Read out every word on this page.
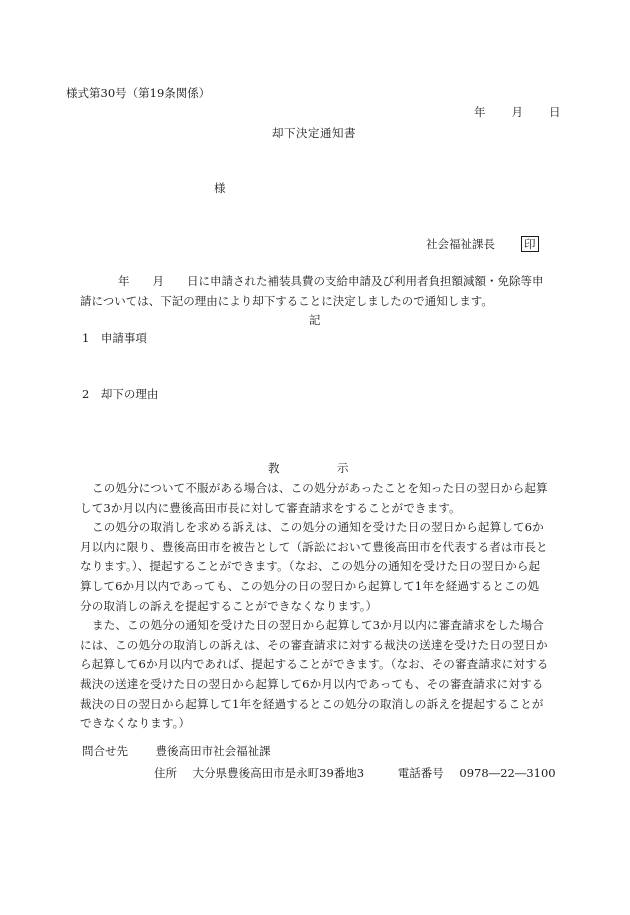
様式第30号（第19条関係）
年　　月　　日
却下決定通知書
様
社会福祉課長	印
年　　月　　日に申請された補装具費の支給申請及び利用者負担額減額・免除等申
請については、下記の理由により却下することに決定しましたので通知します。
記
1　申請事項
2　却下の理由
教　　　　　示

この処分について不服がある場合は、この処分があったことを知った日の翌日から起算して3か月以内に豊後高田市長に対して審査請求をすることができます。

この処分の取消しを求める訴えは、この処分の通知を受けた日の翌日から起算して6か月以内に限り、豊後高田市を被告として（訴訟において豊後高田市を代表する者は市長となります。）、提起することができます。（なお、この処分の通知を受けた日の翌日から起算して6か月以内であっても、この処分の日の翌日から起算して1年を経過するとこの処分の取消しの訴えを提起することができなくなります。）

また、この処分の通知を受けた日の翌日から起算して3か月以内に審査請求をした場合には、この処分の取消しの訴えは、その審査請求に対する裁決の送達を受けた日の翌日から起算して6か月以内であれば、提起することができます。（なお、その審査請求に対する裁決の送達を受けた日の翌日から起算して6か月以内であっても、その審査請求に対する裁決の日の翌日から起算して1年を経過するとこの処分の取消しの訴えを提起することができなくなります。）

問合せ先 豊後高田市社会福祉課
住所 大分県豊後高田市是永町39番地3	電話番号 0978―22―3100
